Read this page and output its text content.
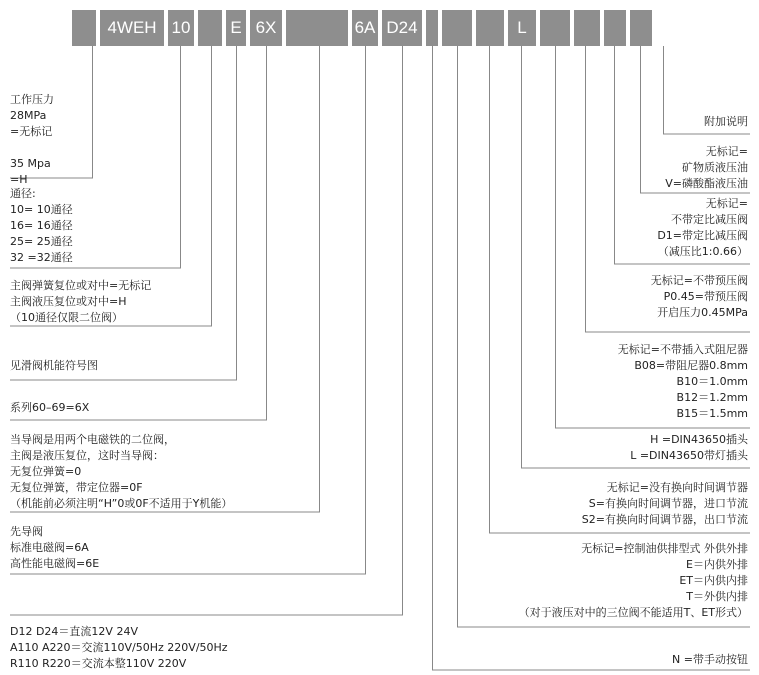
4WEH 10 E 6X	6A D24	L
工作压力
28MPa
=无标记

35 Mpa
=H
通径:
10= 10通径
16= 16通径
25= 25通径
32 =32通径
主阀弹簧复位或对中=无标记
主阀液压复位或对中=H
（10通径仅限二位阀）
见滑阀机能符号图
系列60–69=6X
当导阀是用两个电磁铁的二位阀，
主阀是液压复位，这时当导阀：
无复位弹簧=0
无复位弹簧，带定位器=0F
（机能前必须注明“H”0或0F不适用于Y机能）
先导阀
标准电磁阀=6A
高性能电磁阀=6E
D12 D24＝直流12V 24V
A110 A220＝交流110V/50Hz 220V/50Hz
R110 R220＝交流本整110V 220V
附加说明
无标记=
矿物质液压油
V=磷酸酯液压油
无标记=
不带定比减压阀
D1=带定比减压阀
（减压比1:0.66）
无标记=不带预压阀
P0.45=带预压阀
开启压力0.45MPa
无标记=不带插入式阻尼器
B08=带阻尼器0.8mm
B10＝1.0mm
B12＝1.2mm
B15＝1.5mm
H =DIN43650插头
L =DIN43650带灯插头
无标记=没有换向时间调节器
S=有换向时间调节器，进口节流
S2=有换向时间调节器，出口节流
无标记=控制油供排型式 外供外排
E＝内供外排
ET＝内供内排
T＝外供内排
（对于液压对中的三位阀不能适用T、ET形式）
N =带手动按钮
